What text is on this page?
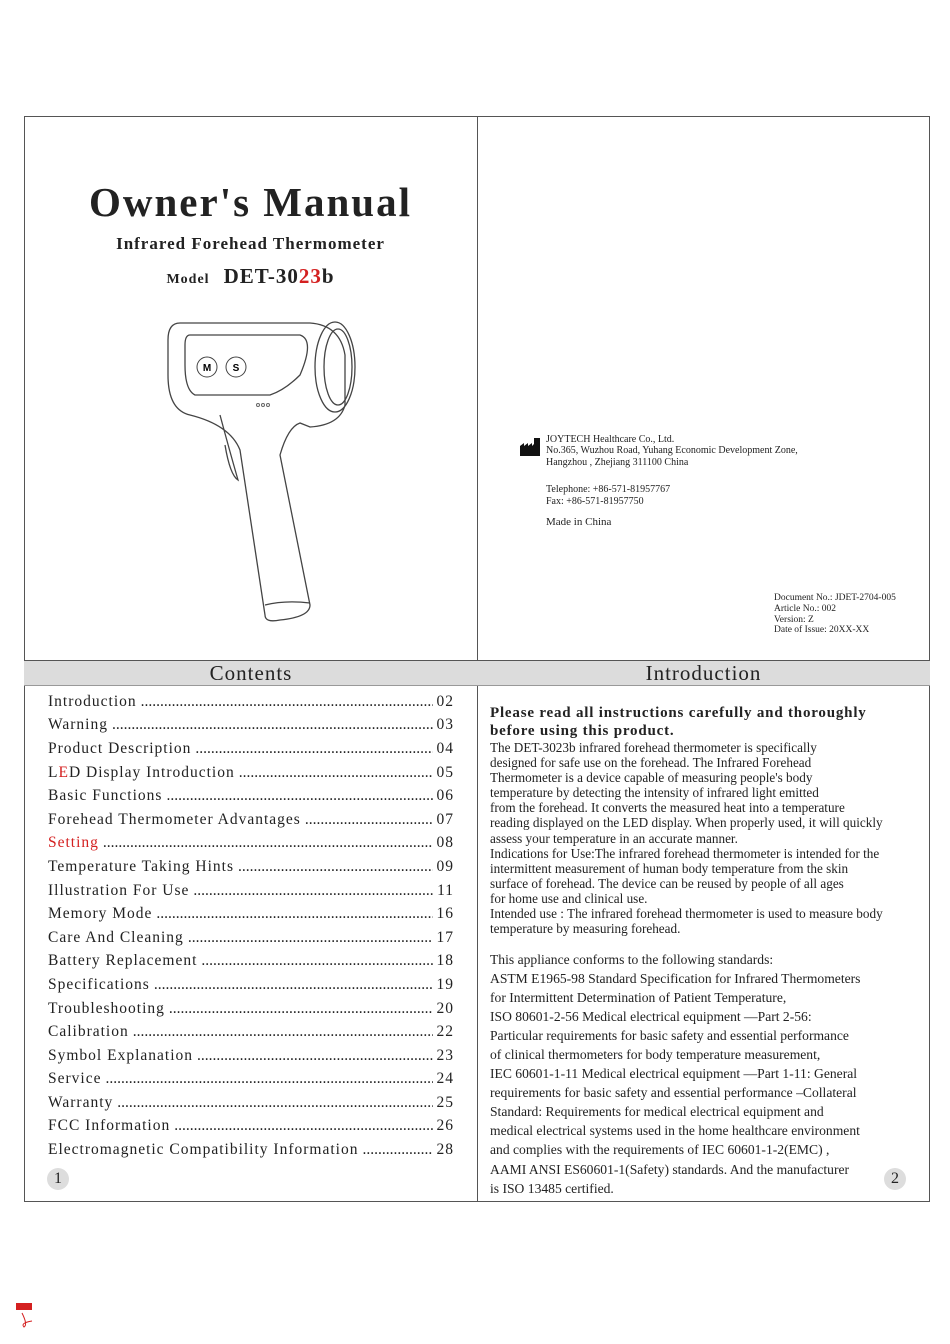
Owner's Manual
Infrared Forehead Thermometer
Model DET-3023b
M S
JOYTECH Healthcare Co., Ltd.
No.365, Wuzhou Road, Yuhang Economic Development Zone,
Hangzhou , Zhejiang 311100 China
Telephone: +86-571-81957767
Fax: +86-571-81957750
Made in China
Document No.: JDET-2704-005
Article No.: 002
Version: Z
Date of Issue: 20XX-XX
Contents	Introduction
Introduction .....	02
Warning .....	03
Product Description .....	04
LED Display Introduction .....	05
Basic Functions .....	06
Forehead Thermometer Advantages .....	07
Setting .....	08
Temperature Taking Hints .....	09
Illustration For Use .....	11
Memory Mode .....	16
Care And Cleaning .....	17
Battery Replacement .....	18
Specifications .....	19
Troubleshooting .....	20
Calibration .....	22
Symbol Explanation .....	23
Service .....	24
Warranty .....	25
FCC Information .....	26
Electromagnetic Compatibility Information .....	28
Please read all instructions carefully and thoroughly before using this product.
The DET-3023b infrared forehead thermometer is specifically
designed for safe use on the forehead. The Infrared Forehead
Thermometer is a device capable of measuring people's body
temperature by detecting the intensity of infrared light emitted
from the forehead. It converts the measured heat into a temperature
reading displayed on the LED display. When properly used, it will quickly
assess your temperature in an accurate manner.
Indications for Use:The infrared forehead thermometer is intended for the
intermittent measurement of human body temperature from the skin
surface of forehead. The device can be reused by people of all ages
for home use and clinical use.
Intended use : The infrared forehead thermometer is used to measure body
temperature by measuring forehead.
This appliance conforms to the following standards:
ASTM E1965-98 Standard Specification for Infrared Thermometers
for Intermittent Determination of Patient Temperature,
ISO 80601-2-56 Medical electrical equipment —Part 2-56:
Particular requirements for basic safety and essential performance
of clinical thermometers for body temperature measurement,
IEC 60601-1-11 Medical electrical equipment —Part 1-11: General
requirements for basic safety and essential performance –Collateral
Standard: Requirements for medical electrical equipment and
medical electrical systems used in the home healthcare environment
and complies with the requirements of IEC 60601-1-2(EMC) ,
AAMI ANSI ES60601-1(Safety) standards. And the manufacturer
is ISO 13485 certified.
1	2
